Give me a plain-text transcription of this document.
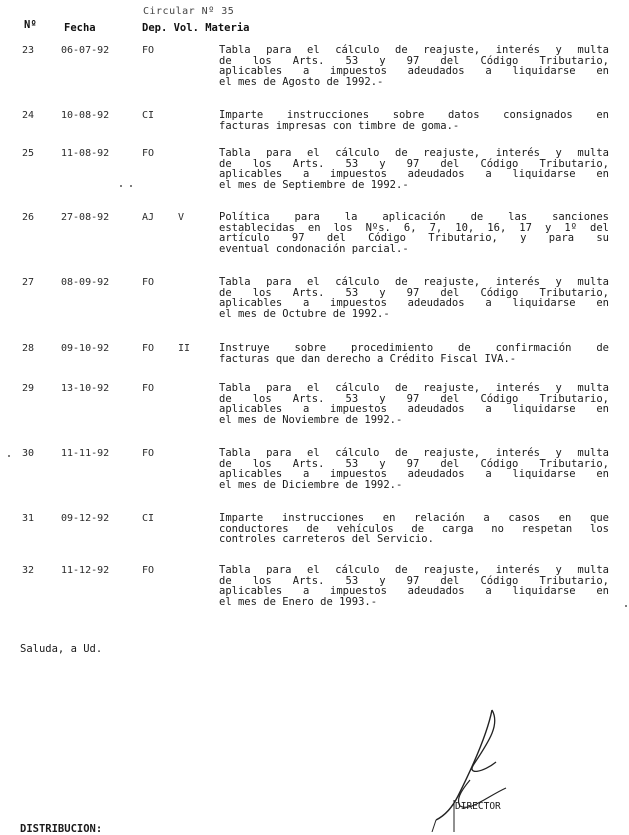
Circular Nº 35
Nº	Fecha	Dep. Vol. Materia
23	06-07-92	FO	Tabla para el cálculo de reajuste, interés y multa
de los Arts. 53 y 97 del Código Tributario,
aplicables a impuestos adeudados a liquidarse en
el mes de Agosto de 1992.-
24	10-08-92	CI	Imparte instrucciones sobre datos consignados en
facturas impresas con timbre de goma.-
25	11-08-92	FO	Tabla para el cálculo de reajuste, interés y multa
de los Arts. 53 y 97 del Código Tributario,
aplicables a impuestos adeudados a liquidarse en
el mes de Septiembre de 1992.-
26	27-08-92	AJ V	Política para la aplicación de las sanciones
establecidas en los Nºs. 6, 7, 10, 16, 17 y 1º del
artículo 97 del Código Tributario, y para su
eventual condonación parcial.-
27	08-09-92	FO	Tabla para el cálculo de reajuste, interés y multa
de los Arts. 53 y 97 del Código Tributario,
aplicables a impuestos adeudados a liquidarse en
el mes de Octubre de 1992.-
28	09-10-92	FO II	Instruye sobre procedimiento de confirmación de
facturas que dan derecho a Crédito Fiscal IVA.-
29	13-10-92	FO	Tabla para el cálculo de reajuste, interés y multa
de los Arts. 53 y 97 del Código Tributario,
aplicables a impuestos adeudados a liquidarse en
el mes de Noviembre de 1992.-
30	11-11-92	FO	Tabla para el cálculo de reajuste, interés y multa
de los Arts. 53 y 97 del Código Tributario,
aplicables a impuestos adeudados a liquidarse en
el mes de Diciembre de 1992.-
31	09-12-92	CI	Imparte instrucciones en relación a casos en que
conductores de vehículos de carga no respetan los
controles carreteros del Servicio.
32	11-12-92	FO	Tabla para el cálculo de reajuste, interés y multa
de los Arts. 53 y 97 del Código Tributario,
aplicables a impuestos adeudados a liquidarse en
el mes de Enero de 1993.-
Saluda, a Ud.
DIRECTOR
DISTRIBUCION:
